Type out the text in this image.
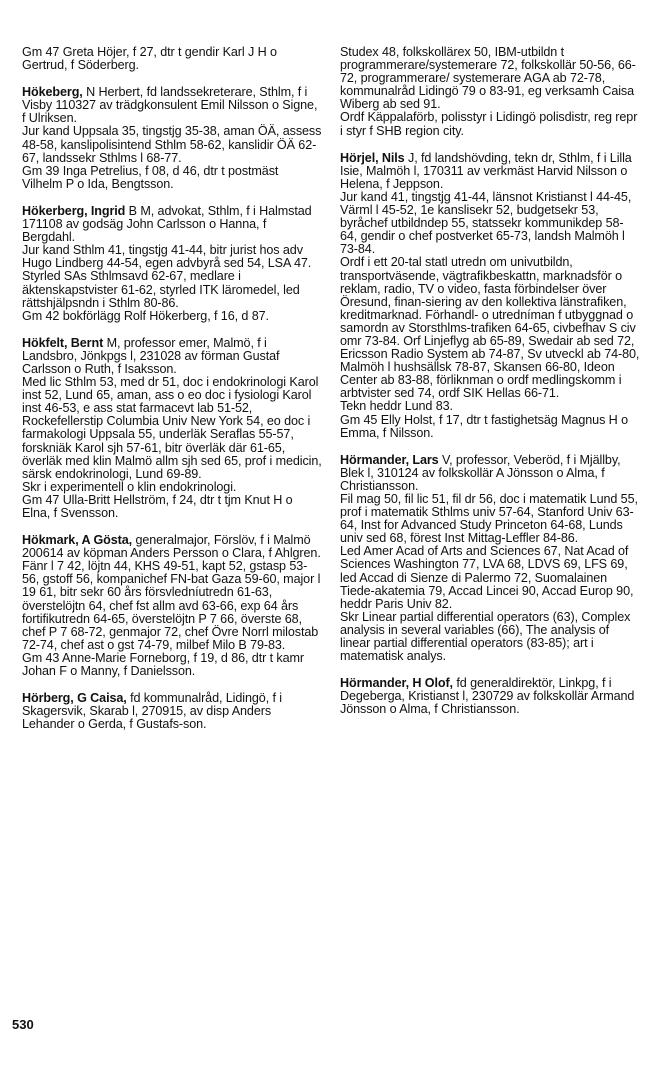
Gm 47 Greta Höjer, f 27, dtr t gendir Karl J H o Gertrud, f Söderberg.

Hökeberg, N Herbert, fd landssekreterare, Sthlm, f i Visby 110327 av trädgkonsulent Emil Nilsson o Signe, f Ulriksen.

Jur kand Uppsala 35, tingstjg 35-38, aman ÖÄ, assess 48-58, kanslipolisintend Sthlm 58-62, kanslidir ÖÄ 62-67, landssekr Sthlms l 68-77.

Gm 39 Inga Petrelius, f 08, d 46, dtr t postmäst Vilhelm P o Ida, Bengtsson.

Hökerberg, Ingrid B M, advokat, Sthlm, f i Halmstad 171108 av godsäg John Carlsson o Hanna, f Bergdahl.

Jur kand Sthlm 41, tingstjg 41-44, bitr jurist hos adv Hugo Lindberg 44-54, egen advbyrå sed 54, LSA 47.

Styrled SAs Sthlmsavd 62-67, medlare i äktenskapstvister 61-62, styrled ITK läromedel, led rättshjälpsndn i Sthlm 80-86.

Gm 42 bokförlägg Rolf Hökerberg, f 16, d 87.

Hökfelt, Bernt M, professor emer, Malmö, f i Landsbro, Jönkpgs l, 231028 av förman Gustaf Carlsson o Ruth, f Isaksson.

Med lic Sthlm 53, med dr 51, doc i endokrinologi Karol inst 52, Lund 65, aman, ass o eo doc i fysiologi Karol inst 46-53, e ass stat farmacevt lab 51-52, Rockefellerstip Columbia Univ New York 54, eo doc i farmakologi Uppsala 55, underläk Seraflas 55-57, forskniäk Karol sjh 57-61, bitr överläk där 61-65, överläk med klin Malmö allm sjh sed 65, prof i medicin, särsk endokrinologi, Lund 69-89.

Skr i experimentell o klin endokrinologi.

Gm 47 Ulla-Britt Hellström, f 24, dtr t tjm Knut H o Elna, f Svensson.

Hökmark, A Gösta, generalmajor, Förslöv, f i Malmö 200614 av köpman Anders Persson o Clara, f Ahlgren.

Fänr l 7 42, löjtn 44, KHS 49-51, kapt 52, gstasp 53-56, gstoff 56, kompanichef FN-bat Gaza 59-60, major l 19 61, bitr sekr 60 års försvledníutredn 61-63, överstelöjtn 64, chef fst allm avd 63-66, exp 64 års fortifikutredn 64-65, överstelöjtn P 7 66, överste 68, chef P 7 68-72, genmajor 72, chef Övre Norrl milostab 72-74, chef ast o gst 74-79, milbef Milo B 79-83.

Gm 43 Anne-Marie Forneborg, f 19, d 86, dtr t kamr Johan F o Manny, f Danielsson.

Hörberg, G Caisa, fd kommunalråd, Lidingö, f i Skagersvik, Skarab l, 270915, av disp Anders Lehander o Gerda, f Gustafs-son.

Studex 48, folkskollärex 50, IBM-utbildn t programmerare/systemerare 72, folkskollär 50-56, 66-72, programmerare/ systemerare AGA ab 72-78, kommunalråd Lidingö 79 o 83-91, eg verksamh Caisa Wiberg ab sed 91.

Ordf Käppalaförb, polisstyr i Lidingö polisdistr, reg repr i styr f SHB region city.

Hörjel, Nils J, fd landshövding, tekn dr, Sthlm, f i Lilla Isie, Malmöh l, 170311 av verkmäst Harvid Nilsson o Helena, f Jeppson.

Jur kand 41, tingstjg 41-44, länsnot Kristianst l 44-45, Värml l 45-52, 1e kanslisekr 52, budgetsekr 53, byråchef utbildndep 55, statssekr kommunikdep 58-64, gendir o chef postverket 65-73, landsh Malmöh l 73-84.

Ordf i ett 20-tal statl utredn om univutbildn, transportväsende, vägtrafikbeskattn, marknadsför o reklam, radio, TV o video, fasta förbindelser över Öresund, finan-siering av den kollektiva länstrafiken, kreditmarknad. Förhandl- o utredníman f utbyggnad o samordn av Storsthlms-trafiken 64-65, civbefhav S civ omr 73-84. Orf Linjeflyg ab 65-89, Swedair ab sed 72, Ericsson Radio System ab 74-87, Sv utveckl ab 74-80, Malmöh l hushsällsk 78-87, Skansen 66-80, Ideon Center ab 83-88, förliknman o ordf medlingskomm i arbtvister sed 74, ordf SIK Hellas 66-71.

Tekn heddr Lund 83.

Gm 45 Elly Holst, f 17, dtr t fastighetsäg Magnus H o Emma, f Nilsson.

Hörmander, Lars V, professor, Veberöd, f i Mjällby, Blek l, 310124 av folkskollär A Jönsson o Alma, f Christiansson.

Fil mag 50, fil lic 51, fil dr 56, doc i matematik Lund 55, prof i matematik Sthlms univ 57-64, Stanford Univ 63-64, Inst for Advanced Study Princeton 64-68, Lunds univ sed 68, förest Inst Mittag-Leffler 84-86.

Led Amer Acad of Arts and Sciences 67, Nat Acad of Sciences Washington 77, LVA 68, LDVS 69, LFS 69, led Accad di Sienze di Palermo 72, Suomalainen Tiede-akatemia 79, Accad Lincei 90, Accad Europ 90, heddr Paris Univ 82.

Skr Linear partial differential operators (63), Complex analysis in several variables (66), The analysis of linear partial differential operators (83-85); art i matematisk analys.

Hörmander, H Olof, fd generaldirektör, Linkpg, f i Degeberga, Kristianst l, 230729 av folkskollär Armand Jönsson o Alma, f Christiansson.

530
